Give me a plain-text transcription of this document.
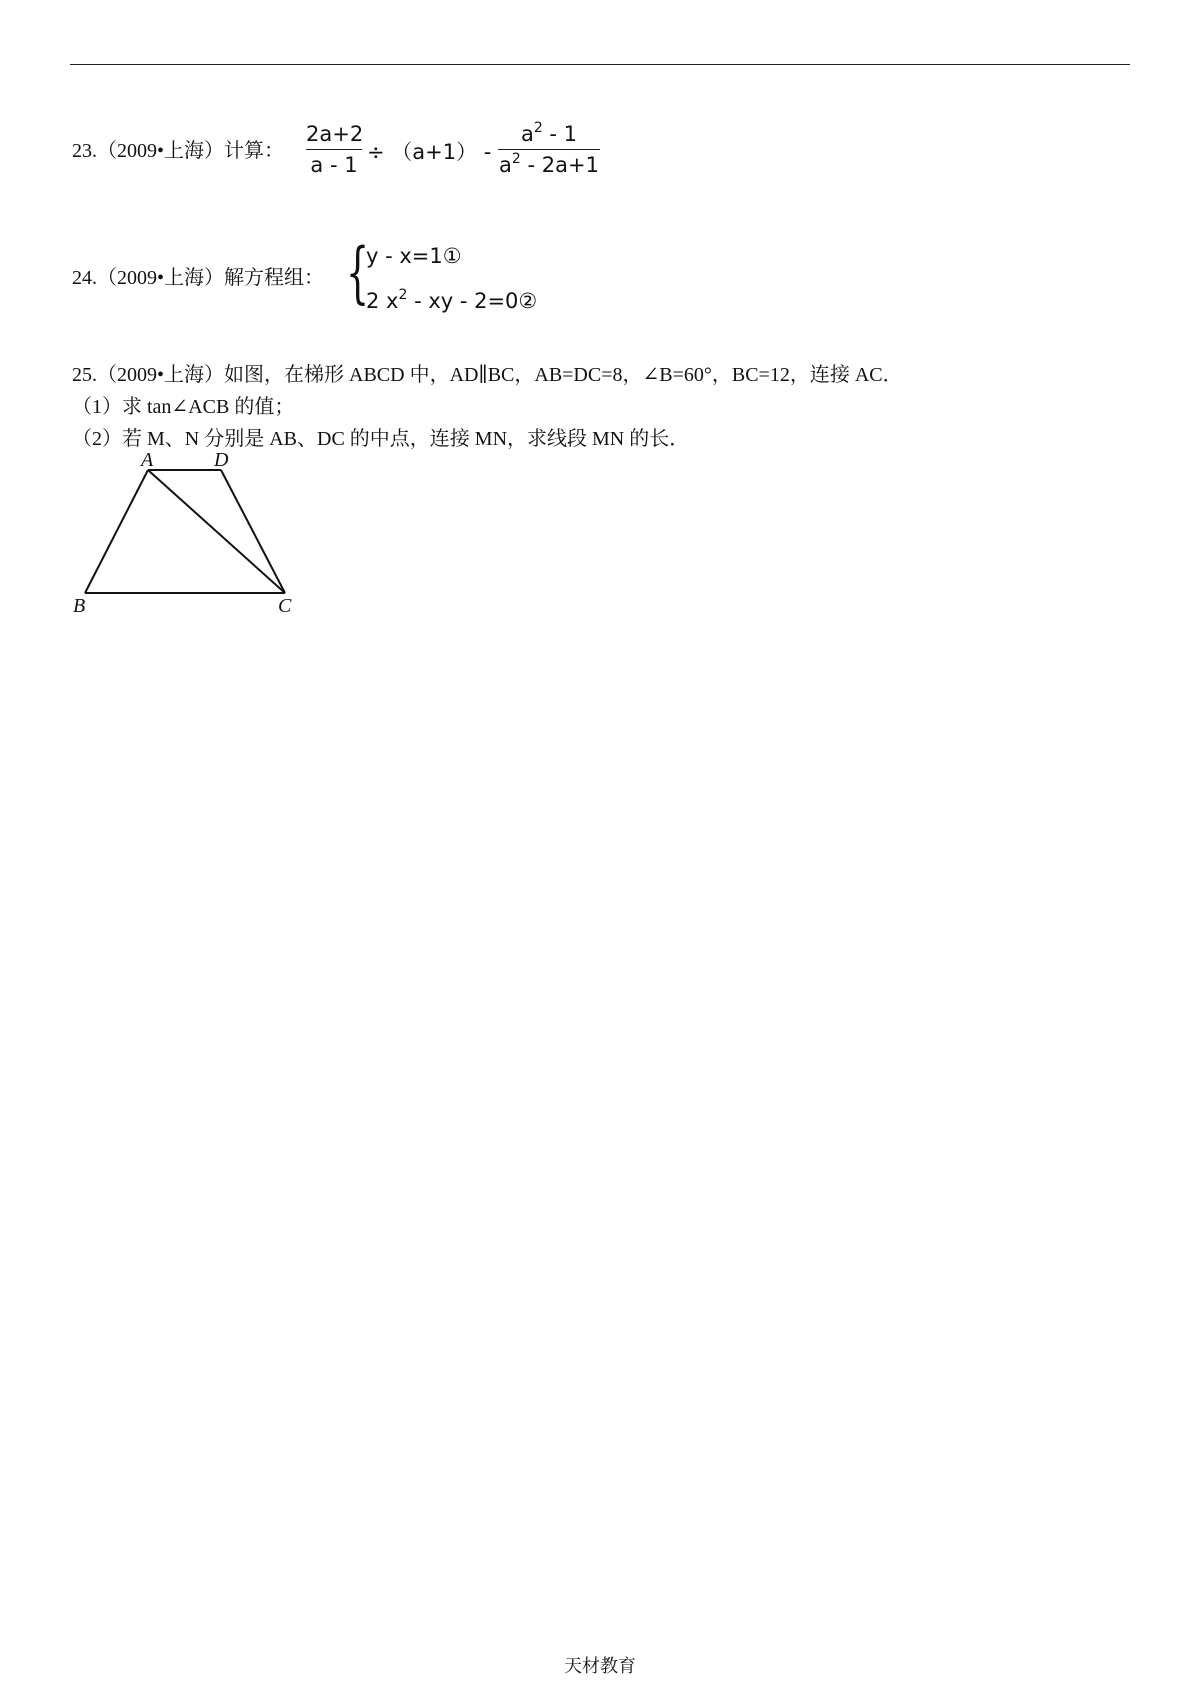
23.（2009•上海）计算：
2a+2
a - 1
÷ （a+1） -
$a^2 - 1$
$a^2 - 2a+1$
24.（2009•上海）解方程组： {
y - x=1①
2 $x^2$ - xy - 2=0②
25.（2009•上海）如图，在梯形 ABCD 中，AD∥BC，AB=DC=8，∠B=60°，BC=12，连接 AC．
（1）求 tan∠ACB 的值；
（2）若 M、N 分别是 AB、DC 的中点，连接 MN，求线段 MN 的长．
A	D
B	C
天材教育
